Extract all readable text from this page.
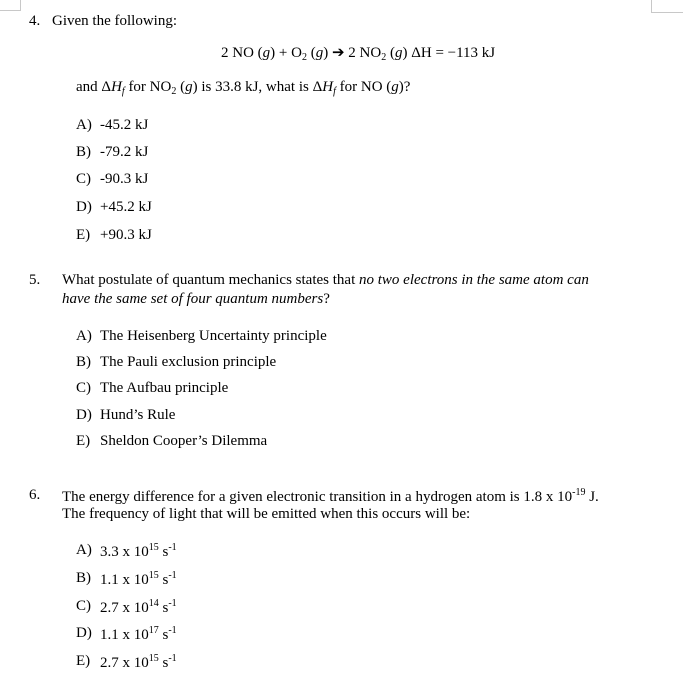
4. Given the following:
2 NO $(g) + O_2$ (g) ➔ 2 $NO_2$ (g) ΔH = −113 kJ
and $\Delta H_f$ for $NO_2$ (g) is 33.8 kJ, what is $\Delta H_f$ for NO (g)?
A) -45.2 kJ
B) -79.2 kJ
C) -90.3 kJ
D) +45.2 kJ
E) +90.3 kJ
5. What postulate of quantum mechanics states that no two electrons in the same atom can
have the same set of four quantum numbers?
A) The Heisenberg Uncertainty principle
B) The Pauli exclusion principle
C) The Aufbau principle
D) Hund’s Rule
E) Sheldon Cooper’s Dilemma
6. The energy difference for a given electronic transition in a hydrogen atom is 1.8 x $10^{-19}$ J.
The frequency of light that will be emitted when this occurs will be:
A) 3.3 x $10^{15}$ $s^{-1}$
B) 1.1 x $10^{15}$ $s^{-1}$
C) 2.7 x $10^{14}$ $s^{-1}$
D) 1.1 x $10^{17}$ $s^{-1}$
E) 2.7 x $10^{15}$ $s^{-1}$
